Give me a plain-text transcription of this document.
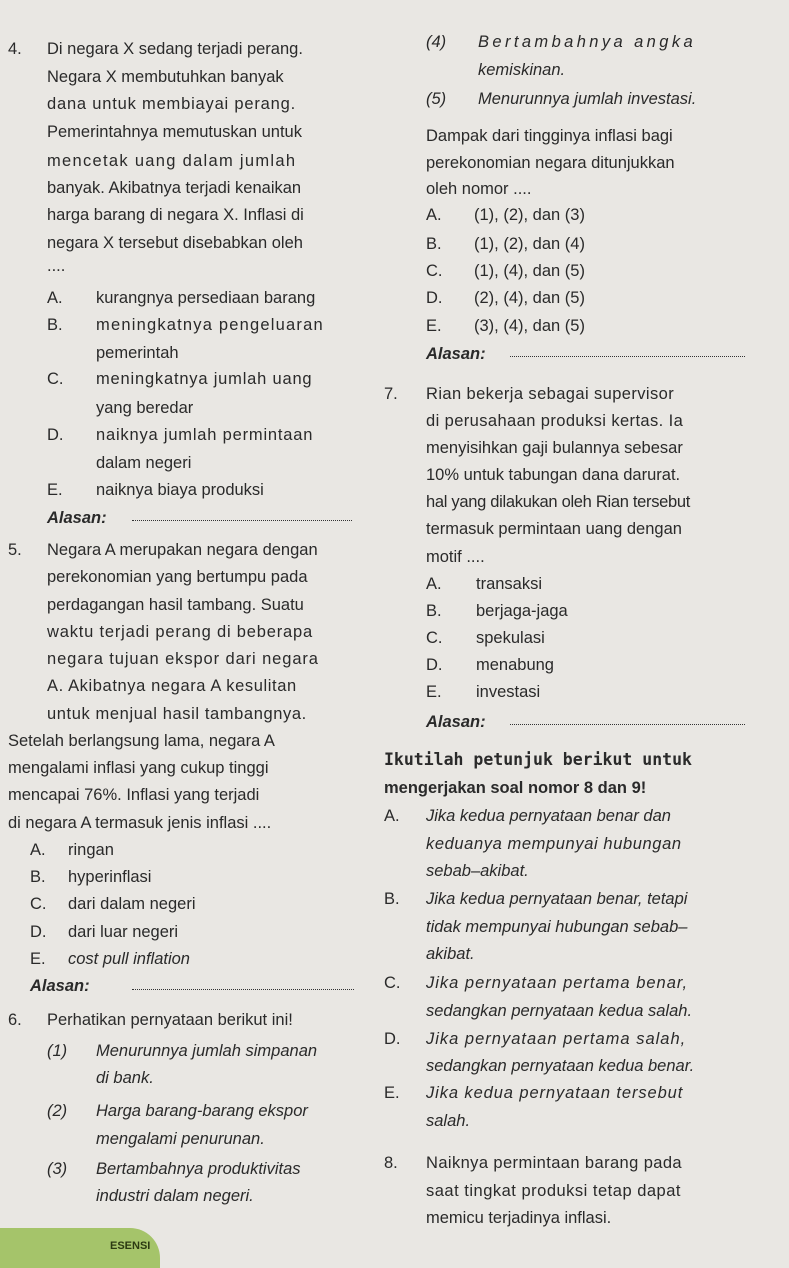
4. Di negara X sedang terjadi perang.
Negara X membutuhkan banyak
dana untuk membiayai perang.
Pemerintahnya memutuskan untuk
mencetak uang dalam jumlah
banyak. Akibatnya terjadi kenaikan
harga barang di negara X. Inflasi di
negara X tersebut disebabkan oleh
....
A. kurangnya persediaan barang
B. meningkatnya pengeluaran
pemerintah
C. meningkatnya jumlah uang
yang beredar
D. naiknya jumlah permintaan
dalam negeri
E. naiknya biaya produksi
Alasan:
5. Negara A merupakan negara dengan
perekonomian yang bertumpu pada
perdagangan hasil tambang. Suatu
waktu terjadi perang di beberapa
negara tujuan ekspor dari negara
A. Akibatnya negara A kesulitan
untuk menjual hasil tambangnya.
Setelah berlangsung lama, negara A
mengalami inflasi yang cukup tinggi
mencapai 76%. Inflasi yang terjadi
di negara A termasuk jenis inflasi ....
A. ringan
B. hyperinflasi
C. dari dalam negeri
D. dari luar negeri
E. cost pull inflation
Alasan:
6. Perhatikan pernyataan berikut ini!
(1) Menurunnya jumlah simpanan
di bank.
(2) Harga barang-barang ekspor
mengalami penurunan.
(3) Bertambahnya produktivitas
industri dalam negeri.
(4) Bertambahnya angka
kemiskinan.
(5) Menurunnya jumlah investasi.
Dampak dari tingginya inflasi bagi
perekonomian negara ditunjukkan
oleh nomor ....
A. (1), (2), dan (3)
B. (1), (2), dan (4)
C. (1), (4), dan (5)
D. (2), (4), dan (5)
E. (3), (4), dan (5)
Alasan:
7. Rian bekerja sebagai supervisor
di perusahaan produksi kertas. Ia
menyisihkan gaji bulannya sebesar
10% untuk tabungan dana darurat.
hal yang dilakukan oleh Rian tersebut
termasuk permintaan uang dengan
motif ....
A. transaksi
B. berjaga-jaga
C. spekulasi
D. menabung
E. investasi
Alasan:
Ikutilah petunjuk berikut untuk
mengerjakan soal nomor 8 dan 9!
A. Jika kedua pernyataan benar dan
keduanya mempunyai hubungan
sebab–akibat.
B. Jika kedua pernyataan benar, tetapi
tidak mempunyai hubungan sebab–
akibat.
C. Jika pernyataan pertama benar,
sedangkan pernyataan kedua salah.
D. Jika pernyataan pertama salah,
sedangkan pernyataan kedua benar.
E. Jika kedua pernyataan tersebut
salah.
8. Naiknya permintaan barang pada
saat tingkat produksi tetap dapat
memicu terjadinya inflasi.
ESENSI
